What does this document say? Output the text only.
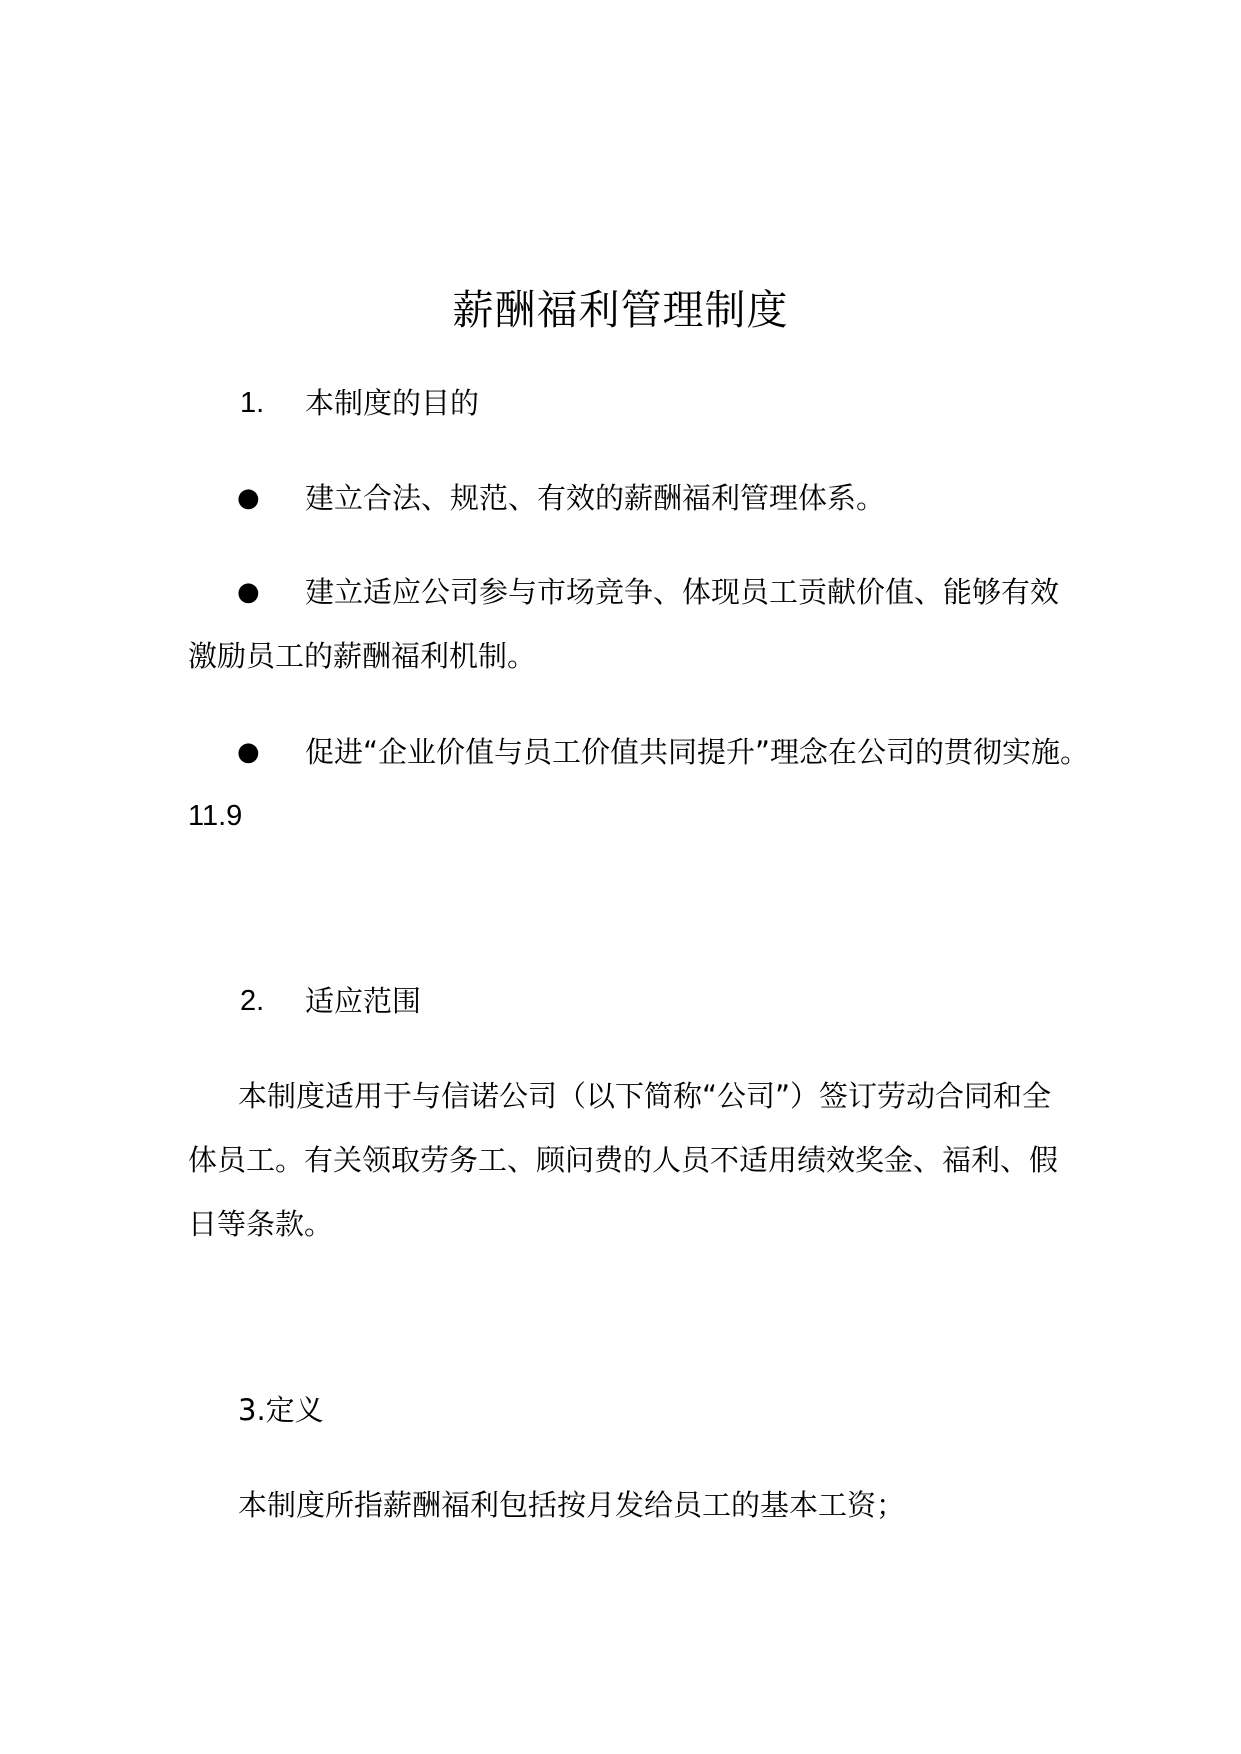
薪酬福利管理制度
1. 本制度的目的
● 建立合法、规范、有效的薪酬福利管理体系。
● 建立适应公司参与市场竞争、体现员工贡献价值、能够有效
激励员工的薪酬福利机制。
● 促进“企业价值与员工价值共同提升”理念在公司的贯彻实施。
11.9
2. 适应范围
本制度适用于与信诺公司（以下简称“公司”）签订劳动合同和全
体员工。有关领取劳务工、顾问费的人员不适用绩效奖金、福利、假
日等条款。
3.定义
本制度所指薪酬福利包括按月发给员工的基本工资；
